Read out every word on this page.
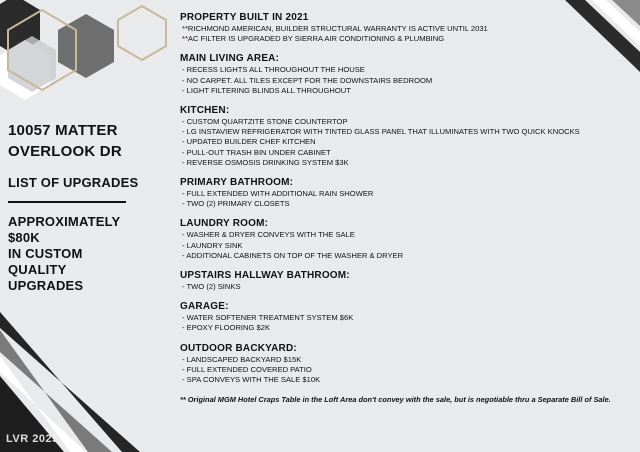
10057 MATTER
OVERLOOK DR
LIST OF UPGRADES
APPROXIMATELY
$80K
IN CUSTOM
QUALITY
UPGRADES
PROPERTY BUILT IN 2021
**RICHMOND AMERICAN, BUILDER STRUCTURAL WARRANTY IS ACTIVE UNTIL 2031
**AC FILTER IS UPGRADED BY SIERRA AIR CONDITIONING & PLUMBING
MAIN LIVING AREA:
- RECESS LIGHTS ALL THROUGHOUT THE HOUSE
- NO CARPET. ALL TILES EXCEPT FOR THE DOWNSTAIRS BEDROOM
- LIGHT FILTERING BLINDS ALL THROUGHOUT
KITCHEN:
- CUSTOM QUARTZITE STONE COUNTERTOP
- LG INSTAVIEW REFRIGERATOR WITH TINTED GLASS PANEL THAT ILLUMINATES WITH TWO QUICK KNOCKS
- UPDATED BUILDER CHEF KITCHEN
- PULL-OUT TRASH BIN UNDER CABINET
- REVERSE OSMOSIS DRINKING SYSTEM $3K
PRIMARY BATHROOM:
- FULL EXTENDED WITH ADDITIONAL RAIN SHOWER
- TWO (2) PRIMARY CLOSETS
LAUNDRY ROOM:
- WASHER & DRYER CONVEYS WITH THE SALE
- LAUNDRY SINK
- ADDITIONAL CABINETS ON TOP OF THE WASHER & DRYER
UPSTAIRS HALLWAY BATHROOM:
- TWO (2) SINKS
GARAGE:
- WATER SOFTENER TREATMENT SYSTEM $6K
- EPOXY FLOORING $2K
OUTDOOR BACKYARD:
- LANDSCAPED BACKYARD $15K
- FULL EXTENDED COVERED PATIO
- SPA CONVEYS WITH THE SALE $10K
** Original MGM Hotel Craps Table in the Loft Area don't convey with the sale, but is negotiable thru a Separate Bill of Sale.
LVR 2025
